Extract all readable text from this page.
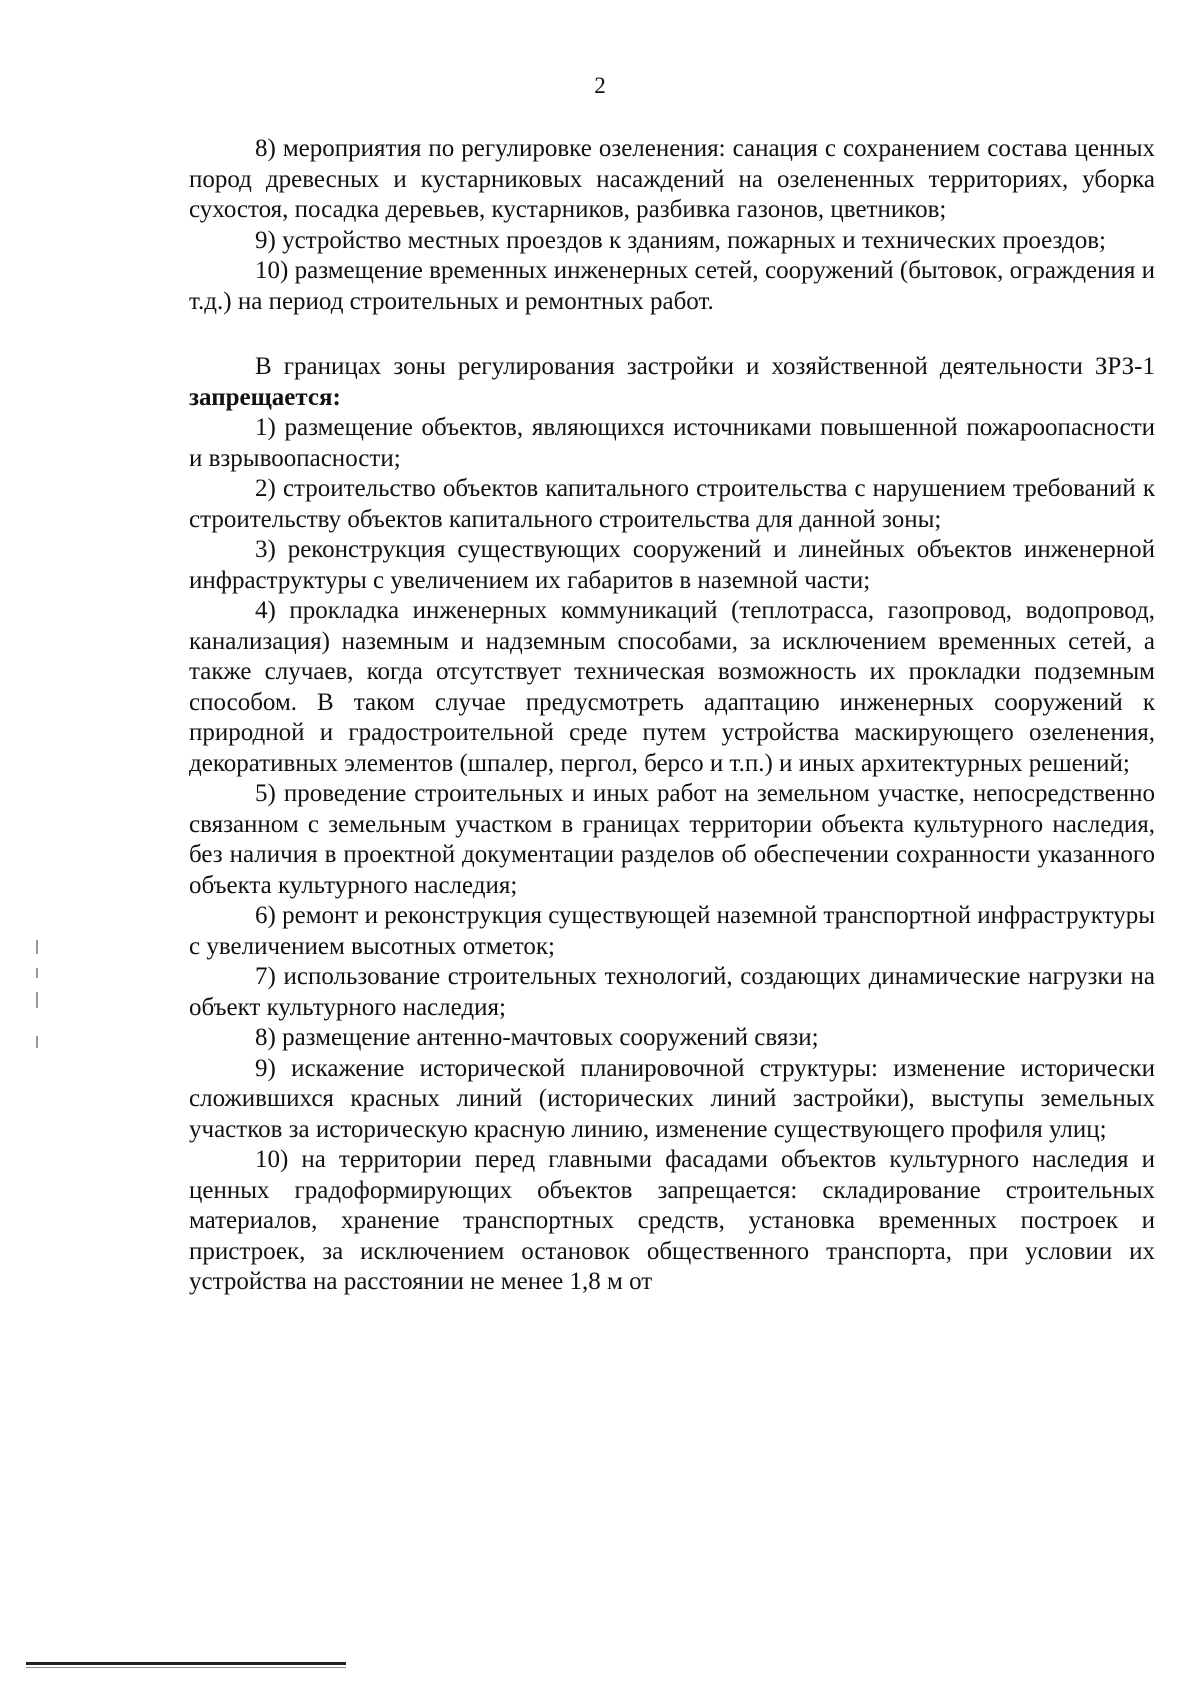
2

8) мероприятия по регулировке озеленения: санация с сохранением состава ценных пород древесных и кустарниковых насаждений на озелененных территориях, уборка сухостоя, посадка деревьев, кустарников, разбивка газонов, цветников;

9) устройство местных проездов к зданиям, пожарных и технических проездов;

10) размещение временных инженерных сетей, сооружений (бытовок, ограждения и т.д.) на период строительных и ремонтных работ.

В границах зоны регулирования застройки и хозяйственной деятельности ЗРЗ-1 запрещается:

1) размещение объектов, являющихся источниками повышенной пожароопасности и взрывоопасности;

2) строительство объектов капитального строительства с нарушением требований к строительству объектов капитального строительства для данной зоны;

3) реконструкция существующих сооружений и линейных объектов инженерной инфраструктуры с увеличением их габаритов в наземной части;

4) прокладка инженерных коммуникаций (теплотрасса, газопровод, водопровод, канализация) наземным и надземным способами, за исключением временных сетей, а также случаев, когда отсутствует техническая возможность их прокладки подземным способом. В таком случае предусмотреть адаптацию инженерных сооружений к природной и градостроительной среде путем устройства маскирующего озеленения, декоративных элементов (шпалер, пергол, берсо и т.п.) и иных архитектурных решений;

5) проведение строительных и иных работ на земельном участке, непосредственно связанном с земельным участком в границах территории объекта культурного наследия, без наличия в проектной документации разделов об обеспечении сохранности указанного объекта культурного наследия;

6) ремонт и реконструкция существующей наземной транспортной инфраструктуры с увеличением высотных отметок;

7) использование строительных технологий, создающих динамические нагрузки на объект культурного наследия;

8) размещение антенно-мачтовых сооружений связи;

9) искажение исторической планировочной структуры: изменение исторически сложившихся красных линий (исторических линий застройки), выступы земельных участков за историческую красную линию, изменение существующего профиля улиц;

10) на территории перед главными фасадами объектов культурного наследия и ценных градоформирующих объектов запрещается: складирование строительных материалов, хранение транспортных средств, установка временных построек и пристроек, за исключением остановок общественного транспорта, при условии их устройства на расстоянии не менее 1,8 м от
